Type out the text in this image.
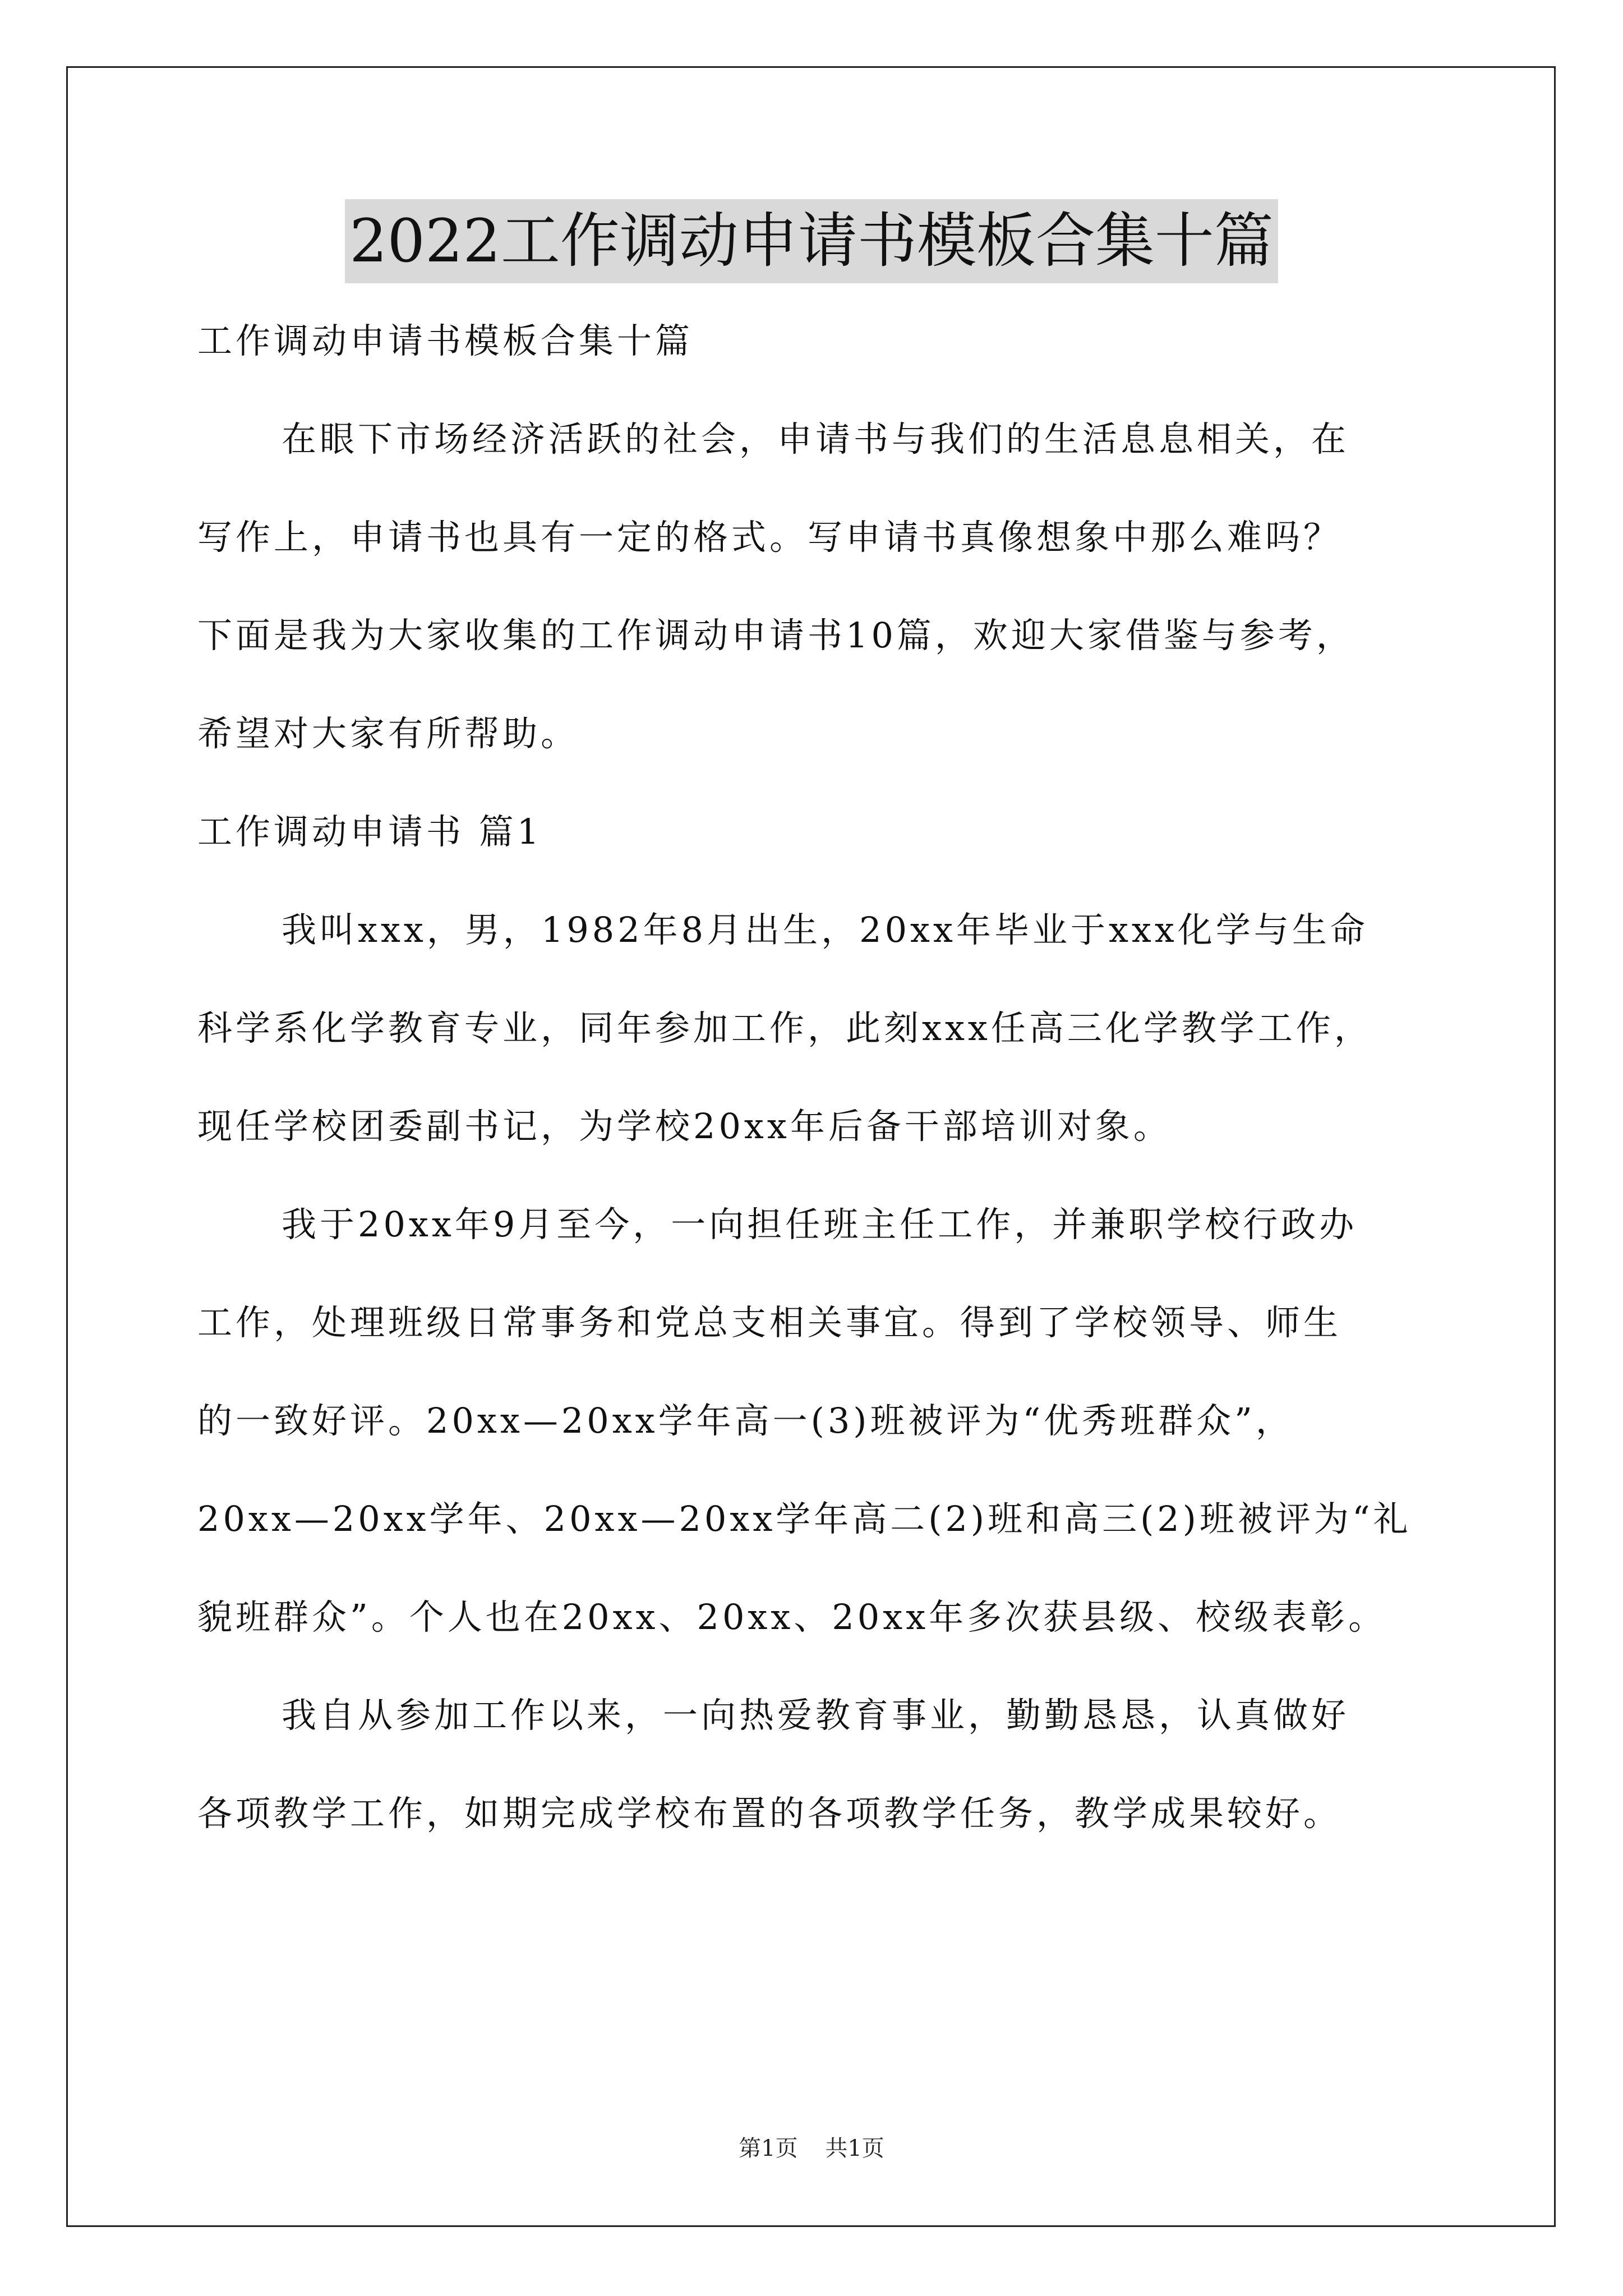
2022工作调动申请书模板合集十篇
工作调动申请书模板合集十篇
在眼下市场经济活跃的社会，申请书与我们的生活息息相关，在
写作上，申请书也具有一定的格式。写申请书真像想象中那么难吗？
下面是我为大家收集的工作调动申请书10篇，欢迎大家借鉴与参考，
希望对大家有所帮助。
工作调动申请书 篇1
我叫xxx，男，1982年8月出生，20xx年毕业于xxx化学与生命
科学系化学教育专业，同年参加工作，此刻xxx任高三化学教学工作，
现任学校团委副书记，为学校20xx年后备干部培训对象。
我于20xx年9月至今，一向担任班主任工作，并兼职学校行政办
工作，处理班级日常事务和党总支相关事宜。得到了学校领导、师生
的一致好评。20xx—20xx学年高一(3)班被评为“优秀班群众”，
20xx—20xx学年、20xx—20xx学年高二(2)班和高三(2)班被评为“礼
貌班群众”。个人也在20xx、20xx、20xx年多次获县级、校级表彰。
我自从参加工作以来，一向热爱教育事业，勤勤恳恳，认真做好
各项教学工作，如期完成学校布置的各项教学任务，教学成果较好。
第1页 共1页
